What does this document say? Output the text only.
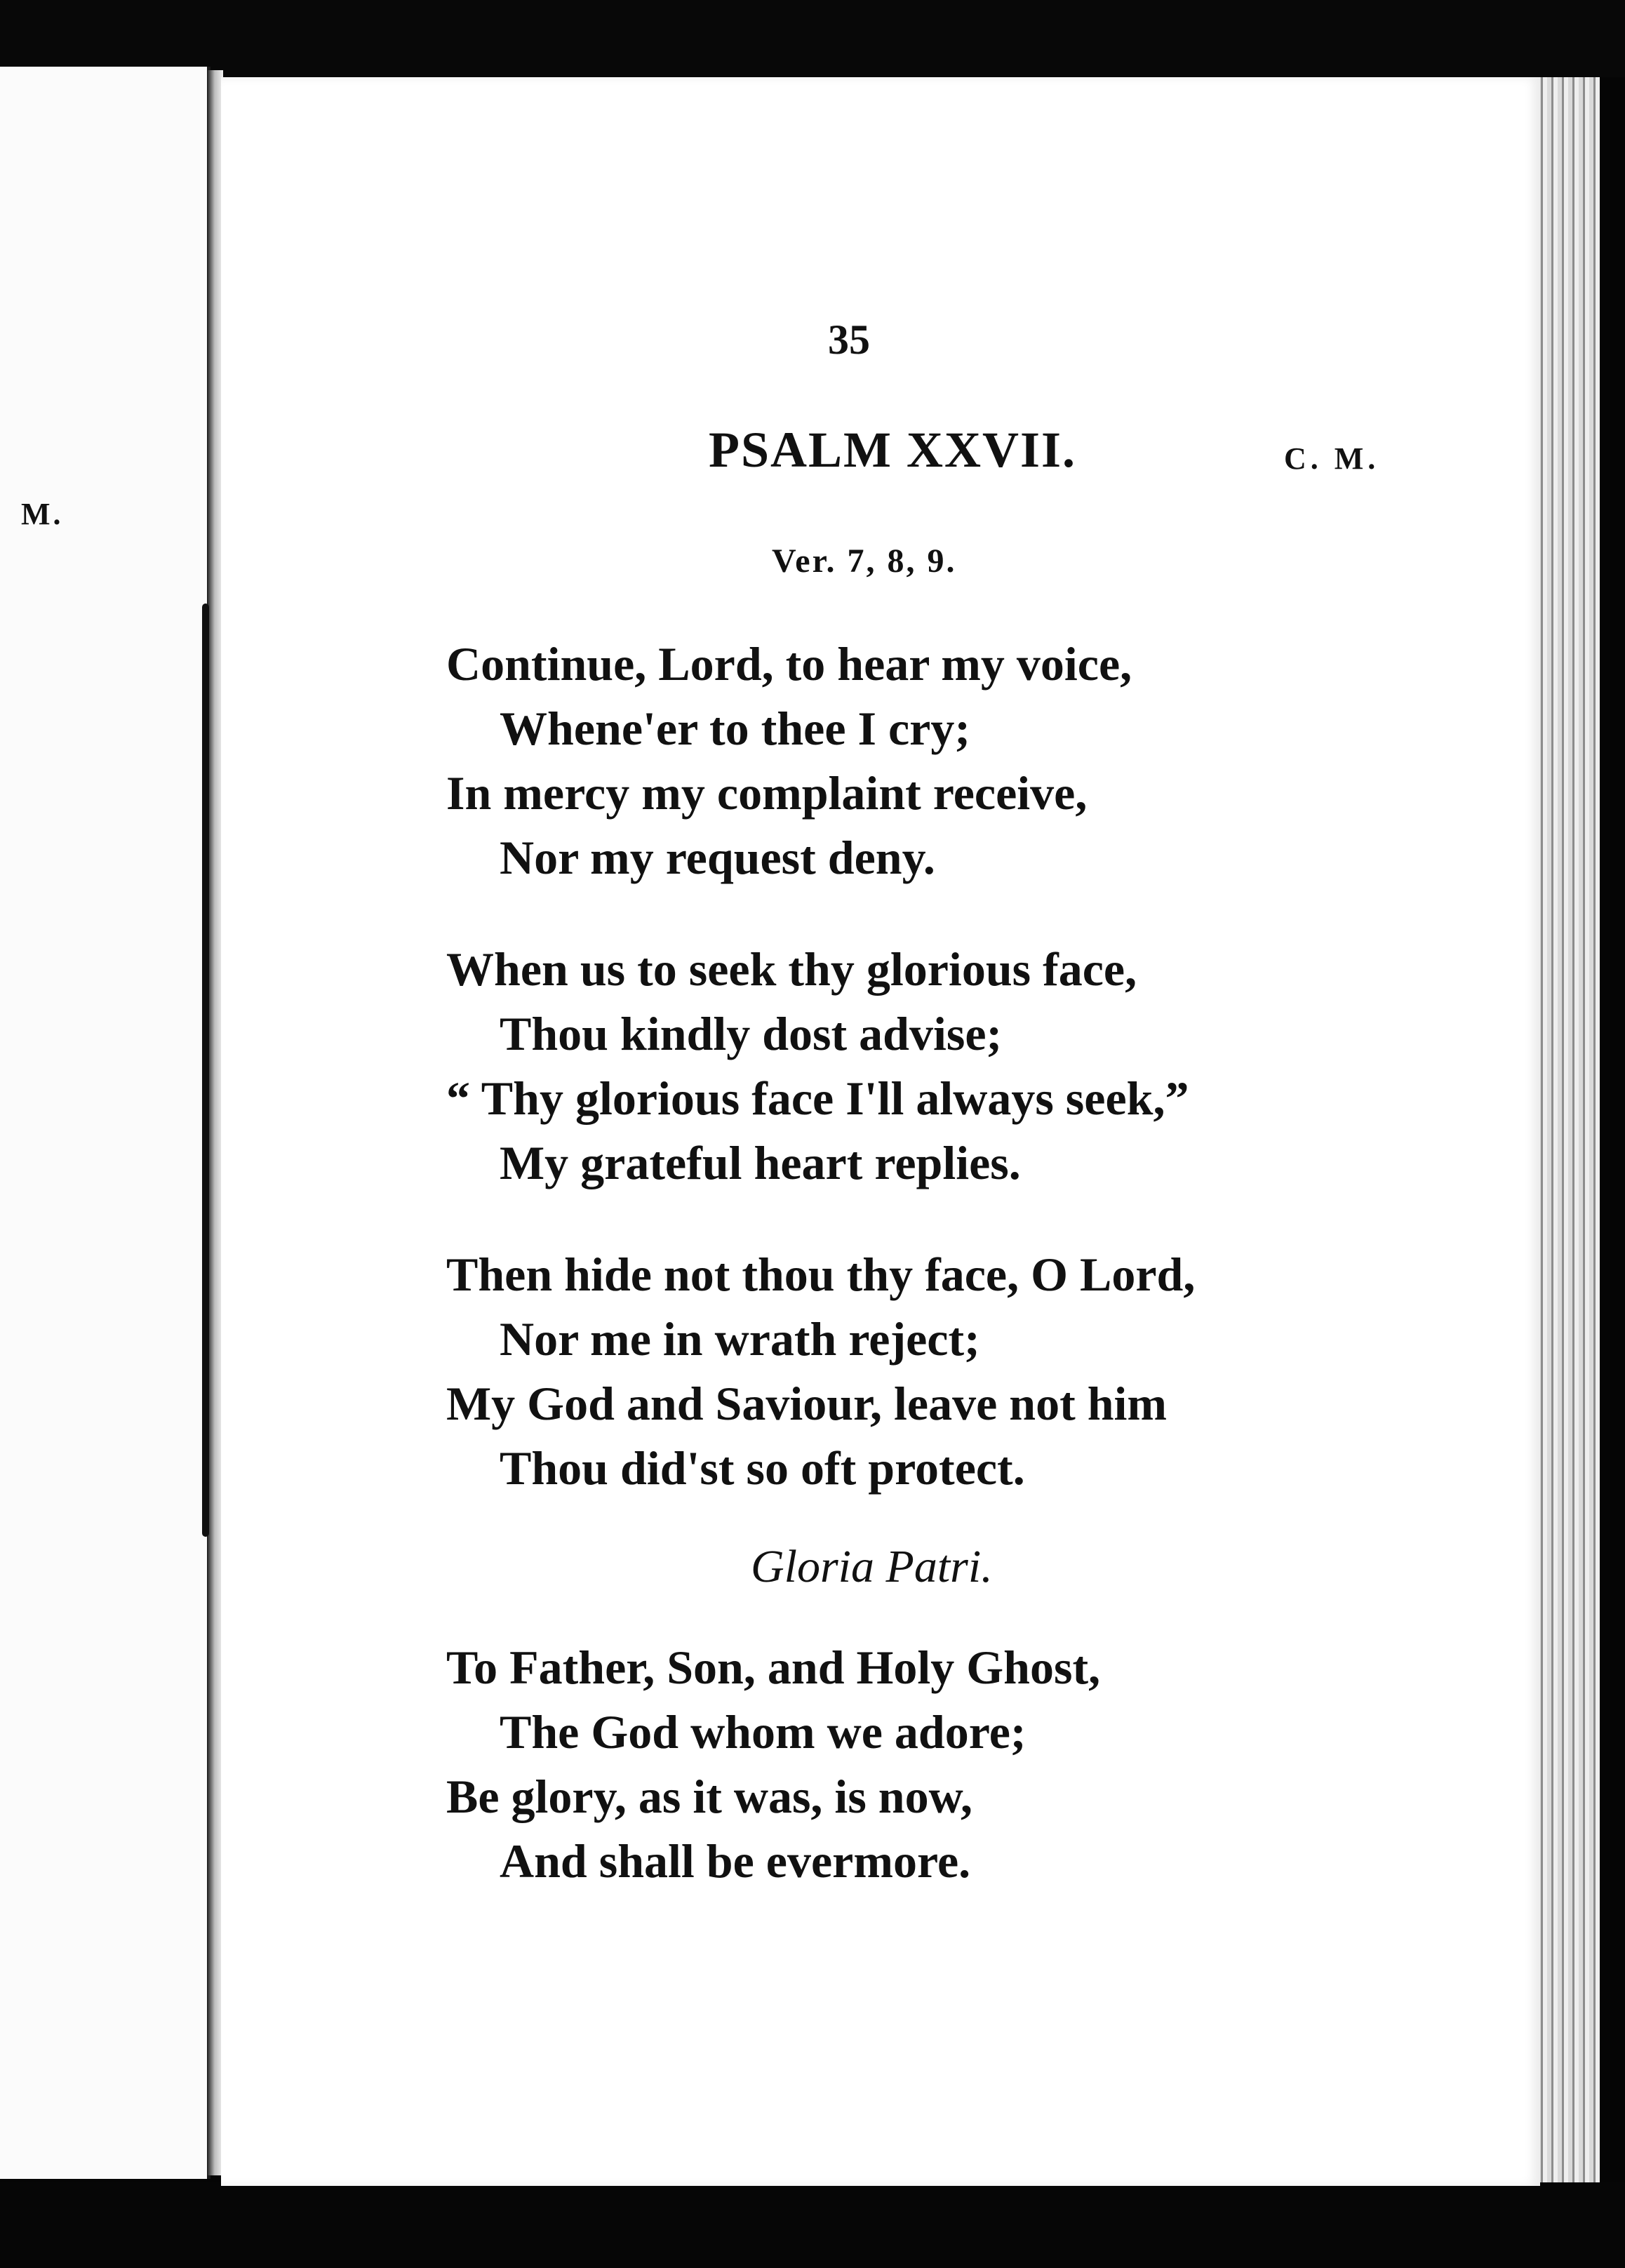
M.
35
PSALM XXVII.	C. M.
Ver. 7, 8, 9.
Continue, Lord, to hear my voice,
Whene'er to thee I cry;
In mercy my complaint receive,
Nor my request deny.
When us to seek thy glorious face,
Thou kindly dost advise;
“ Thy glorious face I'll always seek,”
My grateful heart replies.
Then hide not thou thy face, O Lord,
Nor me in wrath reject;
My God and Saviour, leave not him
Thou did'st so oft protect.
Gloria Patri.
To Father, Son, and Holy Ghost,
The God whom we adore;
Be glory, as it was, is now,
And shall be evermore.
